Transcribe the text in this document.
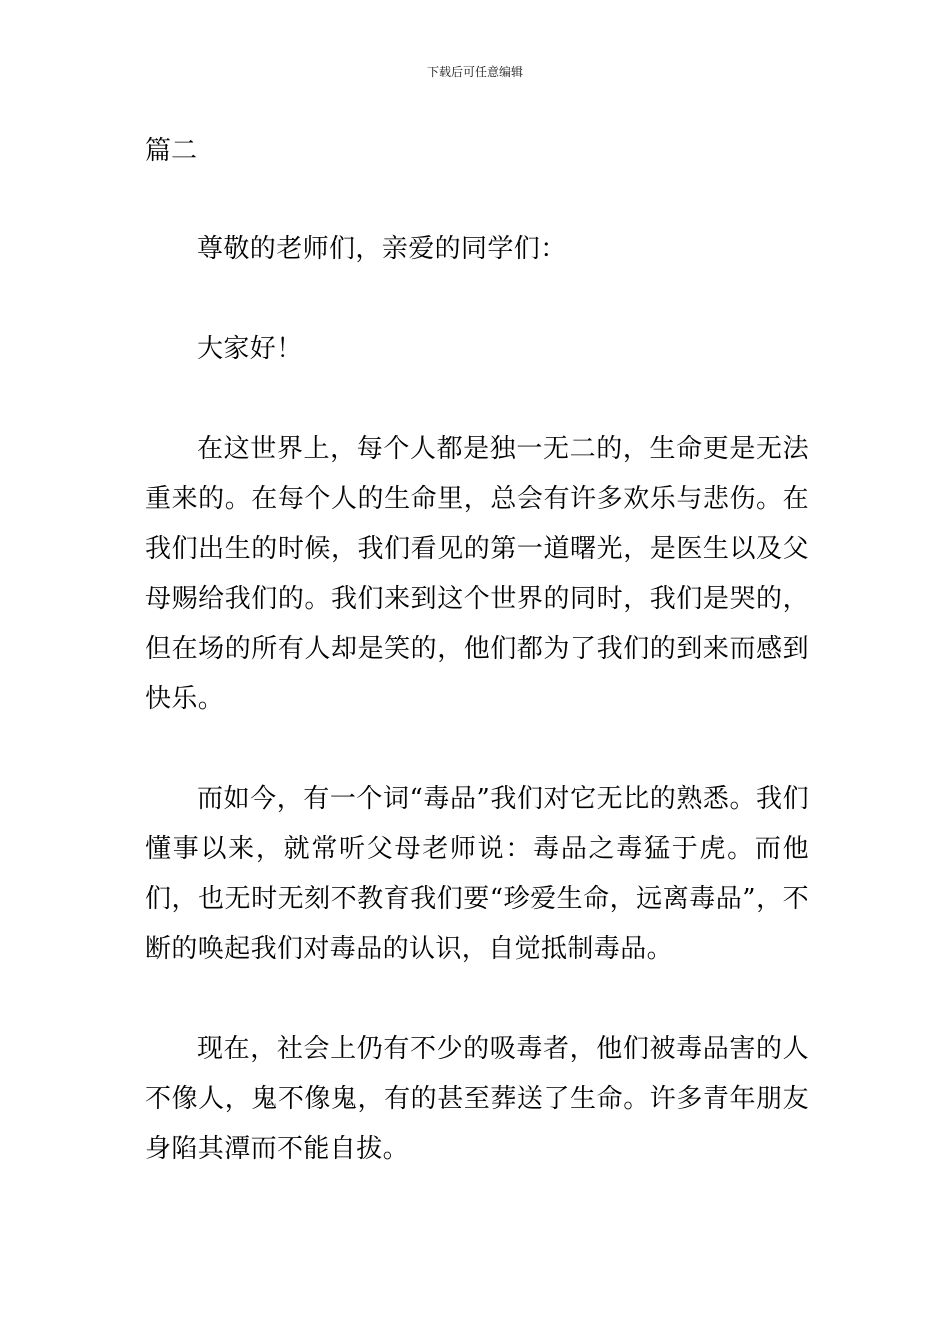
下载后可任意编辑
篇二

尊敬的老师们，亲爱的同学们：

大家好！

在这世界上，每个人都是独一无二的，生命更是无法重来的。在每个人的生命里，总会有许多欢乐与悲伤。在我们出生的时候，我们看见的第一道曙光，是医生以及父母赐给我们的。我们来到这个世界的同时，我们是哭的，但在场的所有人却是笑的，他们都为了我们的到来而感到快乐。

而如今，有一个词“毒品”我们对它无比的熟悉。我们懂事以来，就常听父母老师说：毒品之毒猛于虎。而他们，也无时无刻不教育我们要“珍爱生命，远离毒品”，不断的唤起我们对毒品的认识，自觉抵制毒品。

现在，社会上仍有不少的吸毒者，他们被毒品害的人不像人，鬼不像鬼，有的甚至葬送了生命。许多青年朋友身陷其潭而不能自拔。
